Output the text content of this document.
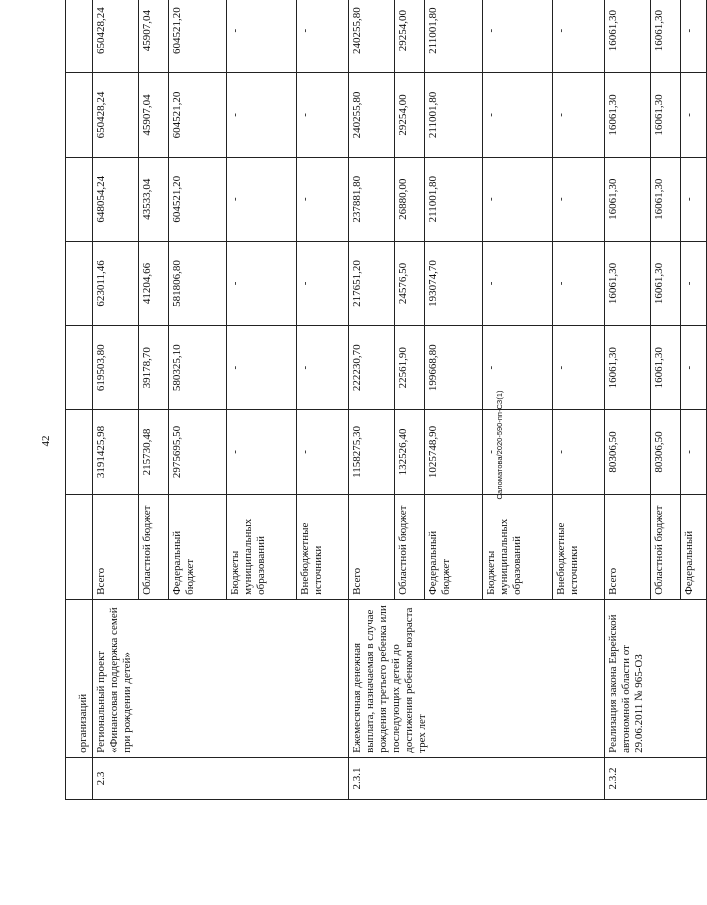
42	Саломатова/2020-590-пп-СЗ(1)
	организаций							
2.3	Региональный проект «Финансовая поддержка семей при рождении детей»	Всего	3191425,98	619503,80	623011,46	648054,24	650428,24	650428,24
		Областной бюджет	215730,48	39178,70	41204,66	43533,04	45907,04	45907,04
		Федеральный бюджет	2975695,50	580325,10	581806,80	604521,20	604521,20	604521,20
		Бюджеты муниципальных образований	-	-	-	-	-	-
		Внебюджетные источники	-	-	-	-	-	-
2.3.1	Ежемесячная денежная выплата, назначаемая в случае рождения третьего ребенка или последующих детей до достижения ребенком возраста трех лет	Всего	1158275,30	222230,70	217651,20	237881,80	240255,80	240255,80
		Областной бюджет	132526,40	22561,90	24576,50	26880,00	29254,00	29254,00
		Федеральный бюджет	1025748,90	199668,80	193074,70	211001,80	211001,80	211001,80
		Бюджеты муниципальных образований	-	-	-	-	-	-
		Внебюджетные источники	-	-	-	-	-	-
2.3.2	Реализация закона Еврейской автономной области от 29.06.2011 № 965-ОЗ	Всего	80306,50	16061,30	16061,30	16061,30	16061,30	16061,30
		Областной бюджет	80306,50	16061,30	16061,30	16061,30	16061,30	16061,30
		Федеральный	-	-	-	-	-	-
